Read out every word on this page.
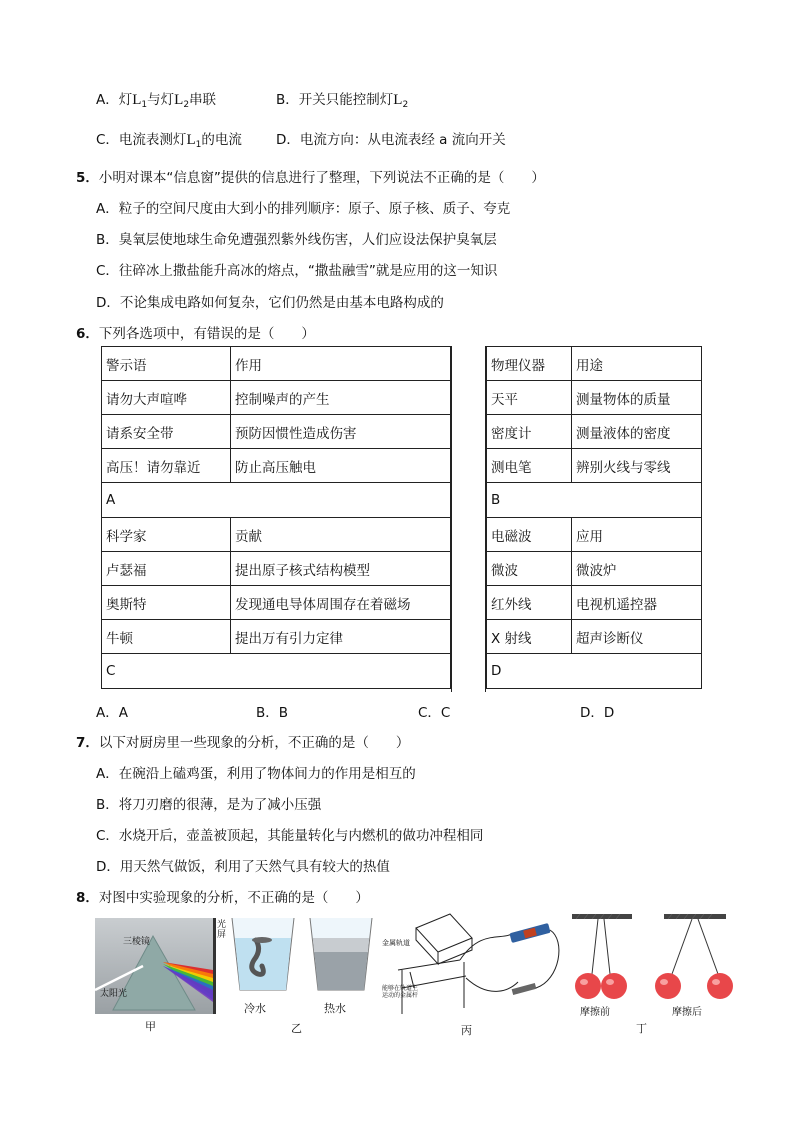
A．灯$L_1$与灯$L_2$串联	B．开关只能控制灯$L_2$
C．电流表测灯$L_1$的电流	D．电流方向：从电流表经 a 流向开关
5．小明对课本“信息窗”提供的信息进行了整理，下列说法不正确的是（　　）
A．粒子的空间尺度由大到小的排列顺序：原子、原子核、质子、夸克
B．臭氧层使地球生命免遭强烈紫外线伤害，人们应设法保护臭氧层
C．往碎冰上撒盐能升高冰的熔点，“撒盐融雪”就是应用的这一知识
D．不论集成电路如何复杂，它们仍然是由基本电路构成的
6．下列各选项中，有错误的是（　　）
警示语	作用
请勿大声喧哗	控制噪声的产生
请系安全带	预防因惯性造成伤害
高压！请勿靠近	防止高压触电
A	
科学家	贡献
卢瑟福	提出原子核式结构模型
奥斯特	发现通电导体周围存在着磁场
牛顿	提出万有引力定律
C	
物理仪器	用途
天平	测量物体的质量
密度计	测量液体的密度
测电笔	辨别火线与零线
B	
电磁波	应用
微波	微波炉
红外线	电视机遥控器
X 射线	超声诊断仪
D	
A．A	B．B	C．C	D．D
7．以下对厨房里一些现象的分析，不正确的是（　　）
A．在碗沿上磕鸡蛋，利用了物体间力的作用是相互的
B．将刀刃磨的很薄，是为了减小压强
C．水烧开后，壶盖被顶起，其能量转化与内燃机的做功冲程相同
D．用天然气做饭，利用了天然气具有较大的热值
8．对图中实验现象的分析，不正确的是（　　）
三棱镜
太阳光
光屏
甲
冷水	热水
乙
金属轨道
能够在轨道上运动的金属杆
丙
摩擦前	摩擦后
丁
